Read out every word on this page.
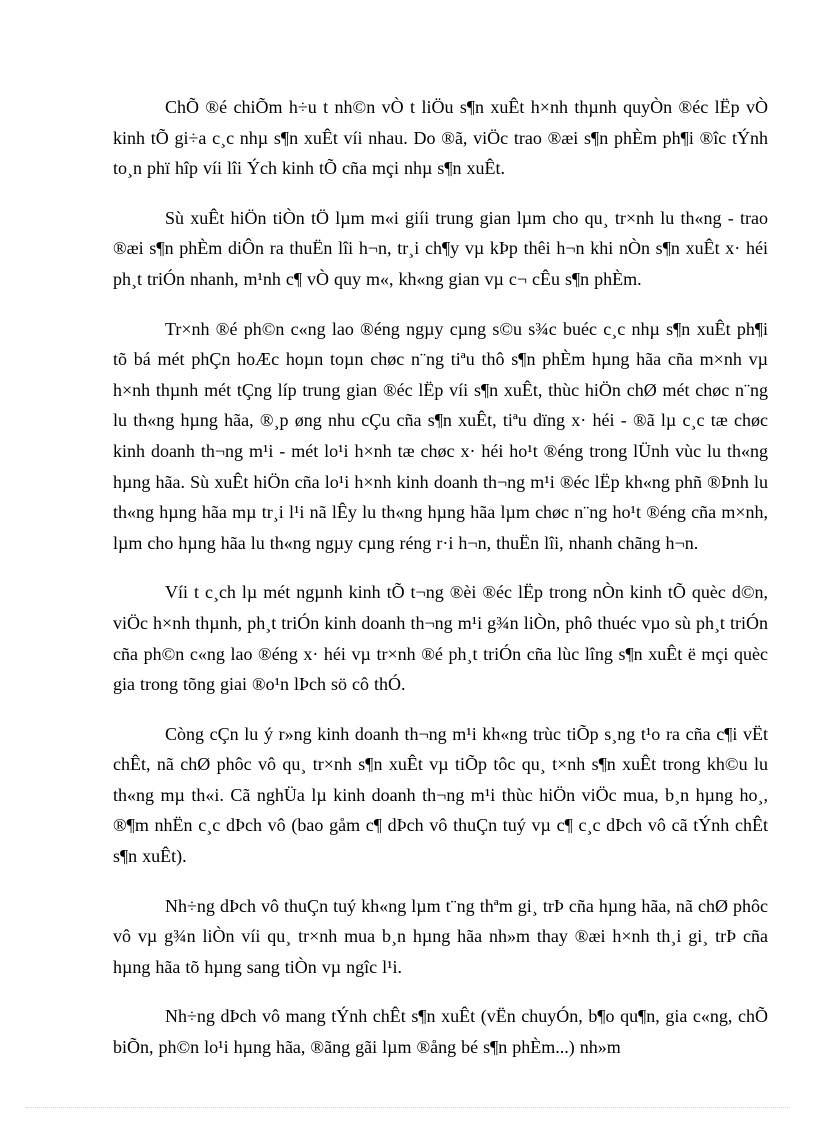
ChÕ ®é chiÕm h÷u t nh©n vÒ t liÖu s¶n xuÊt h×nh thµnh quyÒn ®éc lËp vÒ kinh tÕ gi÷a c¸c nhµ s¶n xuÊt víi nhau. Do ®ã, viÖc trao ®æi s¶n phÈm ph¶i ®îc tÝnh to¸n phï hîp víi lîi Ých kinh tÕ cña mçi nhµ s¶n xuÊt.

Sù xuÊt hiÖn tiÒn tÖ lµm m«i giíi trung gian lµm cho qu¸ tr×nh lu th«ng - trao ®æi s¶n phÈm diÔn ra thuËn lîi h¬n, tr¸i ch¶y vµ kÞp thêi h¬n khi nÒn s¶n xuÊt x· héi ph¸t triÓn nhanh, m¹nh c¶ vÒ quy m«, kh«ng gian vµ c¬ cÊu s¶n phÈm.

Tr×nh ®é ph©n c«ng lao ®éng ngµy cµng s©u s¾c buéc c¸c nhµ s¶n xuÊt ph¶i tõ bá mét phÇn hoÆc hoµn toµn chøc n¨ng tiªu thô s¶n phÈm hµng hãa cña m×nh vµ h×nh thµnh mét tÇng líp trung gian ®éc lËp víi s¶n xuÊt, thùc hiÖn chØ mét chøc n¨ng lu th«ng hµng hãa, ®¸p øng nhu cÇu cña s¶n xuÊt, tiªu dïng x· héi - ®ã lµ c¸c tæ chøc kinh doanh th¬ng m¹i - mét lo¹i h×nh tæ chøc x· héi ho¹t ®éng trong lÜnh vùc lu th«ng hµng hãa. Sù xuÊt hiÖn cña lo¹i h×nh kinh doanh th¬ng m¹i ®éc lËp kh«ng phñ ®Þnh lu th«ng hµng hãa mµ tr¸i l¹i nã lÊy lu th«ng hµng hãa lµm chøc n¨ng ho¹t ®éng cña m×nh, lµm cho hµng hãa lu th«ng ngµy cµng réng r·i h¬n, thuËn lîi, nhanh chãng h¬n.

Víi t c¸ch lµ mét ngµnh kinh tÕ t¬ng ®èi ®éc lËp trong nÒn kinh tÕ quèc d©n, viÖc h×nh thµnh, ph¸t triÓn kinh doanh th¬ng m¹i g¾n liÒn, phô thuéc vµo sù ph¸t triÓn cña ph©n c«ng lao ®éng x· héi vµ tr×nh ®é ph¸t triÓn cña lùc lîng s¶n xuÊt ë mçi quèc gia trong tõng giai ®o¹n lÞch sö cô thÓ.

Còng cÇn lu ý r»ng kinh doanh th¬ng m¹i kh«ng trùc tiÕp s¸ng t¹o ra cña c¶i vËt chÊt, nã chØ phôc vô qu¸ tr×nh s¶n xuÊt vµ tiÕp tôc qu¸ t×nh s¶n xuÊt trong kh©u lu th«ng mµ th«i. Cã nghÜa lµ kinh doanh th¬ng m¹i thùc hiÖn viÖc mua, b¸n hµng ho¸, ®¶m nhËn c¸c dÞch vô (bao gåm c¶ dÞch vô thuÇn tuý vµ c¶ c¸c dÞch vô cã tÝnh chÊt s¶n xuÊt).

Nh÷ng dÞch vô thuÇn tuý kh«ng lµm t¨ng thªm gi¸ trÞ cña hµng hãa, nã chØ phôc vô vµ g¾n liÒn víi qu¸ tr×nh mua b¸n hµng hãa nh»m thay ®æi h×nh th¸i gi¸ trÞ cña hµng hãa tõ hµng sang tiÒn vµ ngîc l¹i.

Nh÷ng dÞch vô mang tÝnh chÊt s¶n xuÊt (vËn chuyÓn, b¶o qu¶n, gia c«ng, chÕ biÕn, ph©n lo¹i hµng hãa, ®ãng gãi lµm ®ång bé s¶n phÈm...) nh»m
